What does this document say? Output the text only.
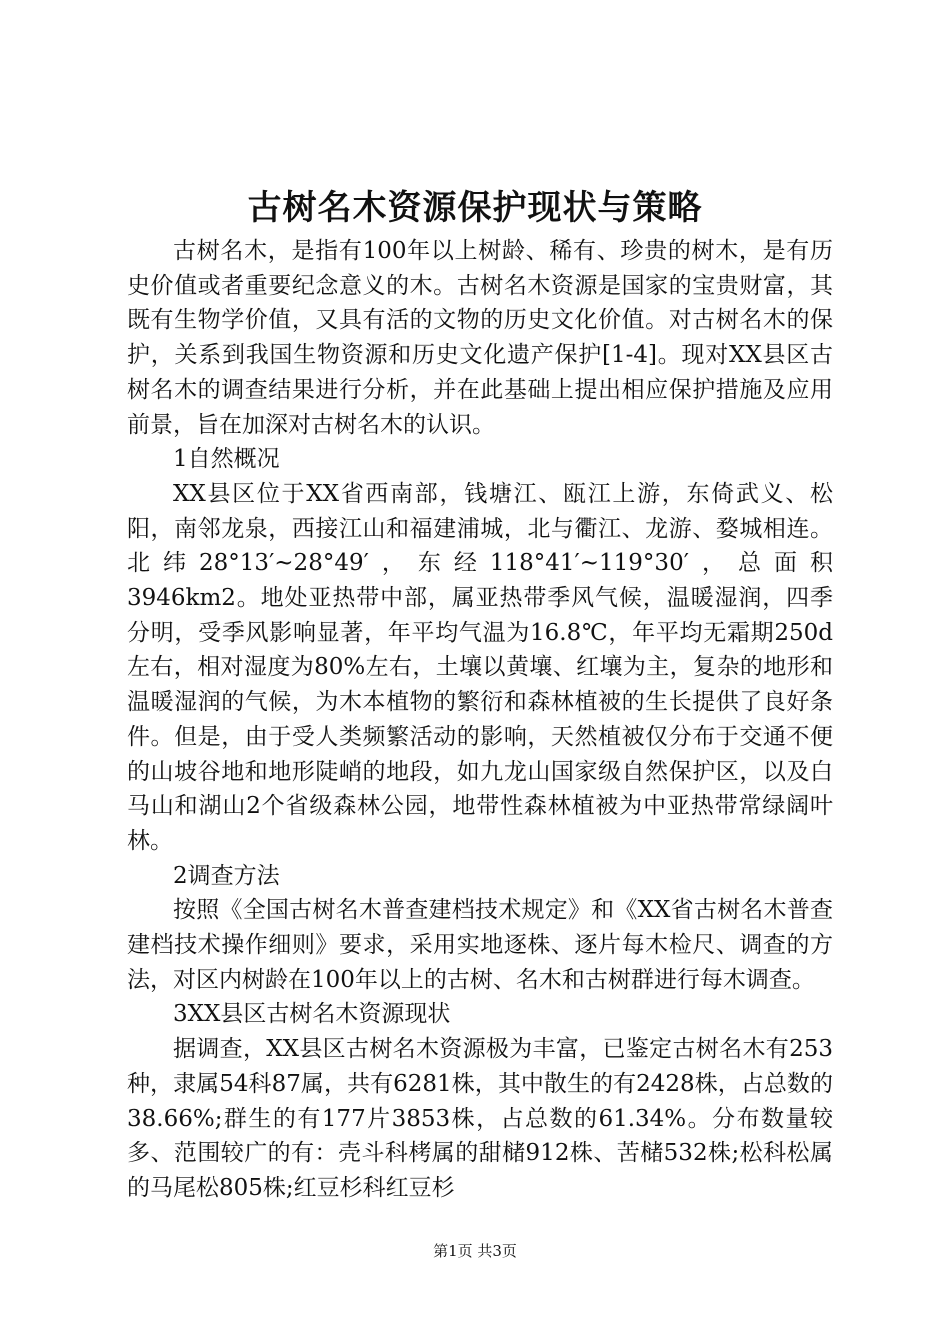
古树名木资源保护现状与策略

古树名木，是指有100年以上树龄、稀有、珍贵的树木，是有历史价值或者重要纪念意义的木。古树名木资源是国家的宝贵财富，其既有生物学价值，又具有活的文物的历史文化价值。对古树名木的保护，关系到我国生物资源和历史文化遗产保护[1-4]。现对XX县区古树名木的调查结果进行分析，并在此基础上提出相应保护措施及应用前景，旨在加深对古树名木的认识。

1自然概况

XX县区位于XX省西南部，钱塘江、瓯江上游，东倚武义、松阳，南邻龙泉，西接江山和福建浦城，北与衢江、龙游、婺城相连。北纬28°13′~28°49′，东经118°41′~119°30′，总面积3946km2。地处亚热带中部，属亚热带季风气候，温暖湿润，四季分明，受季风影响显著，年平均气温为16.8℃，年平均无霜期250d左右，相对湿度为80%左右，土壤以黄壤、红壤为主，复杂的地形和温暖湿润的气候，为木本植物的繁衍和森林植被的生长提供了良好条件。但是，由于受人类频繁活动的影响，天然植被仅分布于交通不便的山坡谷地和地形陡峭的地段，如九龙山国家级自然保护区，以及白马山和湖山2个省级森林公园，地带性森林植被为中亚热带常绿阔叶林。

2调查方法

按照《全国古树名木普查建档技术规定》和《XX省古树名木普查建档技术操作细则》要求，采用实地逐株、逐片每木检尺、调查的方法，对区内树龄在100年以上的古树、名木和古树群进行每木调查。

3XX县区古树名木资源现状

据调查，XX县区古树名木资源极为丰富，已鉴定古树名木有253种，隶属54科87属，共有6281株，其中散生的有2428株，占总数的38.66%;群生的有177片3853株，占总数的61.34%。分布数量较多、范围较广的有：壳斗科栲属的甜槠912株、苦槠532株;松科松属的马尾松805株;红豆杉科红豆杉

第1页 共3页
